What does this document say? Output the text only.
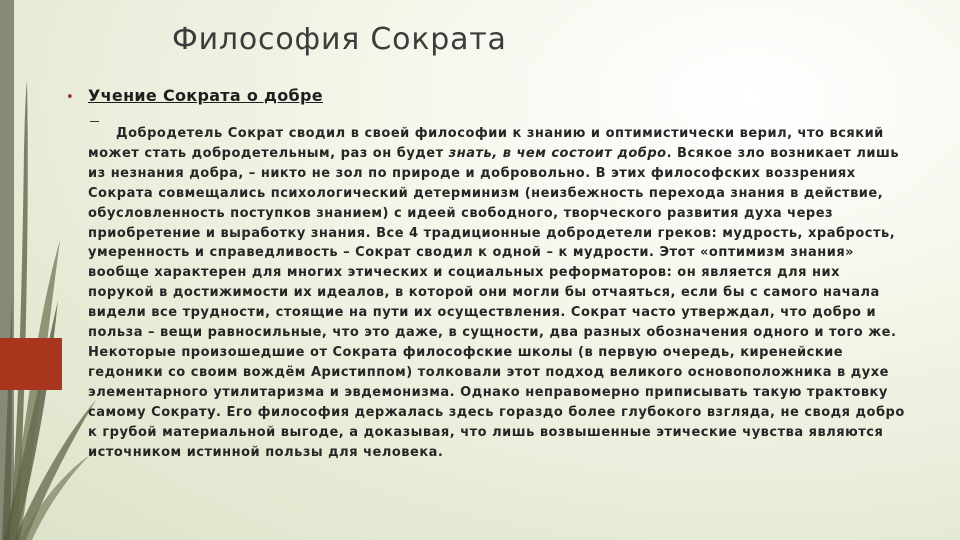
Философия Сократа
• Учение Сократа о добре

Добродетель Сократ сводил в своей философии к знанию и оптимистически верил, что всякий может стать добродетельным, раз он будет знать, в чем состоит добро. Всякое зло возникает лишь из незнания добра, – никто не зол по природе и добровольно. В этих философских воззрениях Сократа совмещались психологический детерминизм (неизбежность перехода знания в действие, обусловленность поступков знанием) с идеей свободного, творческого развития духа через приобретение и выработку знания. Все 4 традиционные добродетели греков: мудрость, храбрость, умеренность и справедливость – Сократ сводил к одной – к мудрости. Этот «оптимизм знания» вообще характерен для многих этических и социальных реформаторов: он является для них порукой в достижимости их идеалов, в которой они могли бы отчаяться, если бы с самого начала видели все трудности, стоящие на пути их осуществления. Сократ часто утверждал, что добро и польза – вещи равносильные, что это даже, в сущности, два разных обозначения одного и того же. Некоторые произошедшие от Сократа философские школы (в первую очередь, киренейские гедоники со своим вождём Аристиппом) толковали этот подход великого основоположника в духе элементарного утилитаризма и эвдемонизма. Однако неправомерно приписывать такую трактовку самому Сократу. Его философия держалась здесь гораздо более глубокого взгляда, не сводя добро к грубой материальной выгоде, а доказывая, что лишь возвышенные этические чувства являются источником истинной пользы для человека.
